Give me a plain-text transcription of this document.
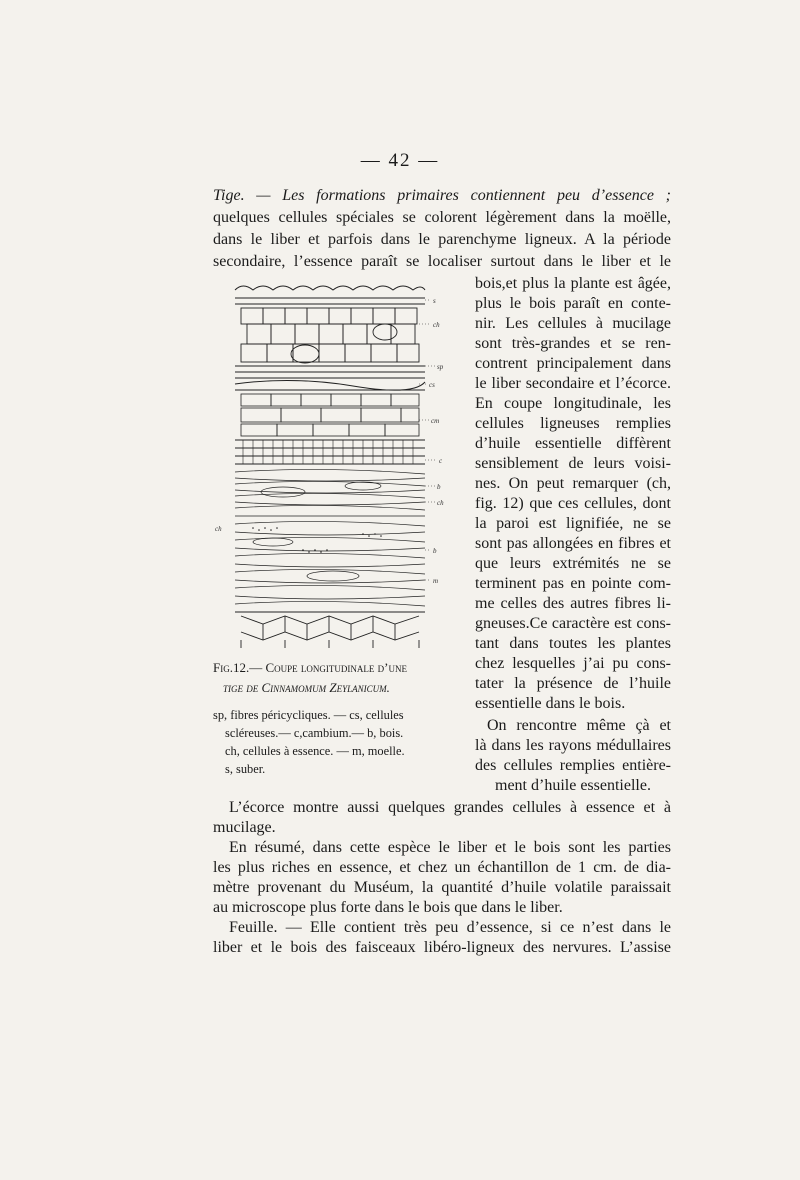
— 42 —
Tige. — Les formations primaires contiennent peu d’essence ;
quelques cellules spéciales se colorent légèrement dans la moëlle,
dans le liber et parfois dans le parenchyme ligneux. A la période
secondaire, l’essence paraît se localiser surtout dans le liber et le
bois,et plus la plante est âgée,
plus le bois paraît en conte-
nir. Les cellules à mucilage
sont très-grandes et se ren-
contrent principalement dans
le liber secondaire et l’écorce.
En coupe longitudinale, les
cellules ligneuses remplies
d’huile essentielle diffèrent
sensiblement de leurs voisi-
nes. On peut remarquer (ch,
fig. 12) que ces cellules, dont
la paroi est lignifiée, ne se
sont pas allongées en fibres et
que leurs extrémités ne se
terminent pas en pointe com-
me celles des autres fibres li-
gneuses.Ce caractère est cons-
tant dans toutes les plantes
chez lesquelles j’ai pu cons-
tater la présence de l’huile
essentielle dans le bois.
On rencontre même çà et
là dans les rayons médullaires
des cellules remplies entière-
ment d’huile essentielle.
s
ch
sp
cs
cm
c
b
ch
b
m
ch
Fig.12.— Coupe longitudinale d’une
tige de Cinnamomum Zeylanicum.
sp, fibres péricycliques. — cs, cellules
scléreuses.— c,cambium.— b, bois.
ch, cellules à essence. — m, moelle.
s, suber.
L’écorce montre aussi quelques grandes cellules à essence et à
mucilage.
En résumé, dans cette espèce le liber et le bois sont les parties
les plus riches en essence, et chez un échantillon de 1 cm. de dia-
mètre provenant du Muséum, la quantité d’huile volatile paraissait
au microscope plus forte dans le bois que dans le liber.
Feuille. — Elle contient très peu d’essence, si ce n’est dans le
liber et le bois des faisceaux libéro-ligneux des nervures. L’assise
